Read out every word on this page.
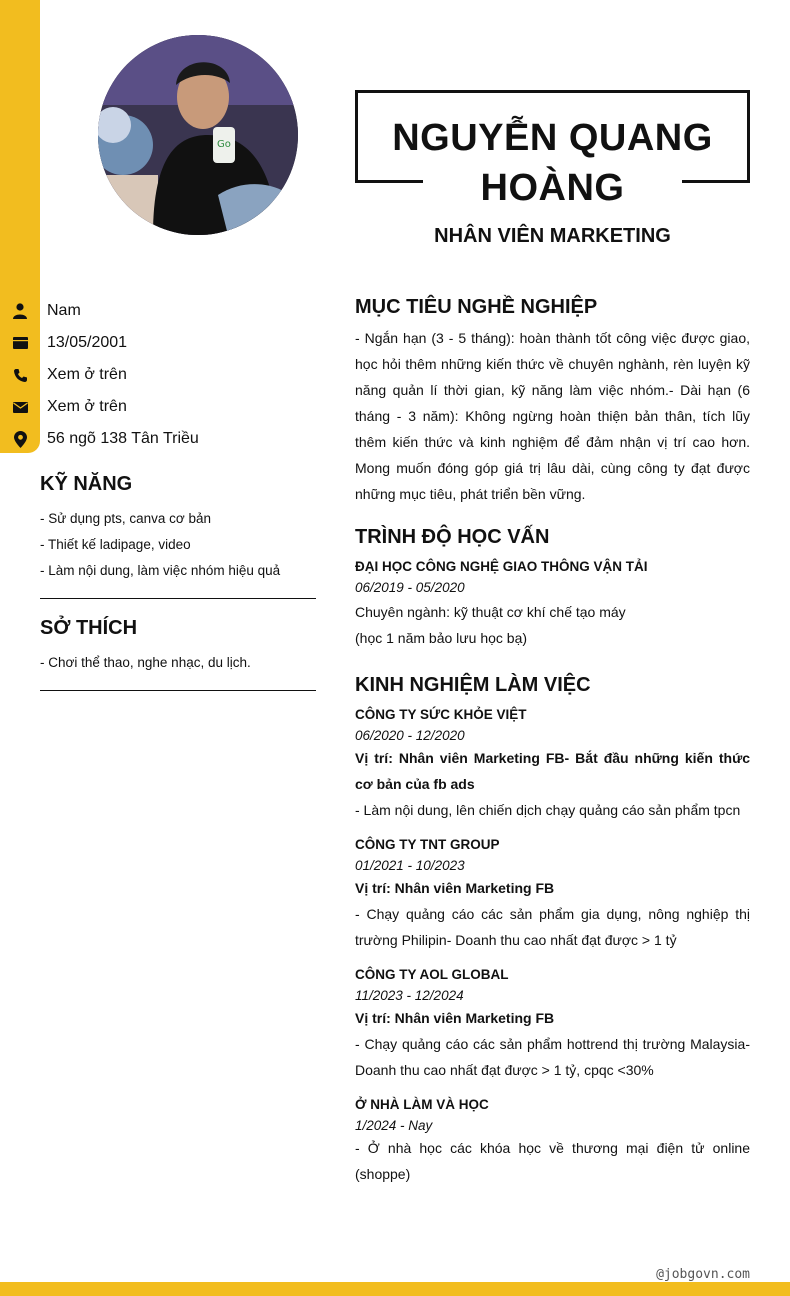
Go	NGUYỄN QUANG HOÀNG
NHÂN VIÊN MARKETING
Nam
13/05/2001
Xem ở trên
Xem ở trên
56 ngõ 138 Tân Triều
KỸ NĂNG
- Sử dụng pts, canva cơ bản
- Thiết kế ladipage, video
- Làm nội dung, làm việc nhóm hiệu quả
SỞ THÍCH
- Chơi thể thao, nghe nhạc, du lịch.
MỤC TIÊU NGHỀ NGHIỆP

- Ngắn hạn (3 - 5 tháng): hoàn thành tốt công việc được giao, học hỏi thêm những kiến thức về chuyên nghành, rèn luyện kỹ năng quản lí thời gian, kỹ năng làm việc nhóm.- Dài hạn (6 tháng - 3 năm): Không ngừng hoàn thiện bản thân, tích lũy thêm kiến thức và kinh nghiệm để đảm nhận vị trí cao hơn. Mong muốn đóng góp giá trị lâu dài, cùng công ty đạt được những mục tiêu, phát triển bền vững.

TRÌNH ĐỘ HỌC VẤN
ĐẠI HỌC CÔNG NGHỆ GIAO THÔNG VẬN TẢI
06/2019 - 05/2020
Chuyên ngành: kỹ thuật cơ khí chế tạo máy
(học 1 năm bảo lưu học bạ)
KINH NGHIỆM LÀM VIỆC
CÔNG TY SỨC KHỎE VIỆT
06/2020 - 12/2020
Vị trí: Nhân viên Marketing FB- Bắt đầu những kiến thức cơ bản của fb ads
- Làm nội dung, lên chiến dịch chạy quảng cáo sản phẩm tpcn
CÔNG TY TNT GROUP
01/2021 - 10/2023
Vị trí: Nhân viên Marketing FB
- Chạy quảng cáo các sản phẩm gia dụng, nông nghiệp thị trường Philipin- Doanh thu cao nhất đạt được > 1 tỷ
CÔNG TY AOL GLOBAL
11/2023 - 12/2024
Vị trí: Nhân viên Marketing FB
- Chạy quảng cáo các sản phẩm hottrend thị trường Malaysia- Doanh thu cao nhất đạt được > 1 tỷ, cpqc <30%
Ở NHÀ LÀM VÀ HỌC
1/2024 - Nay
- Ở nhà học các khóa học về thương mại điện tử online (shoppe)
@jobgovn.com
